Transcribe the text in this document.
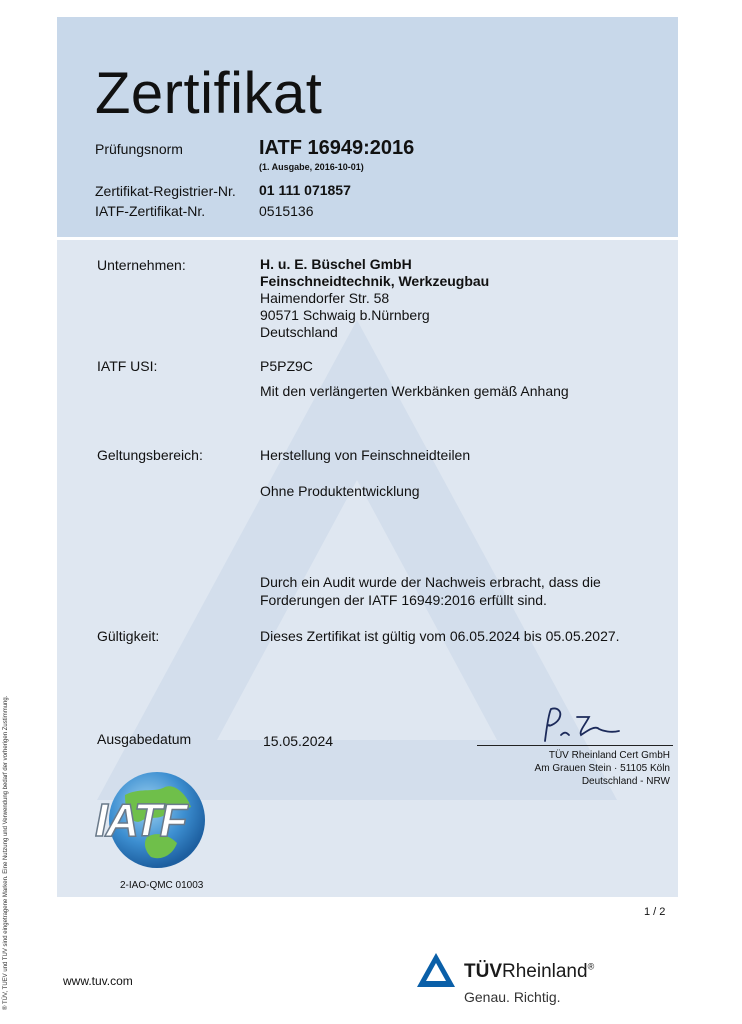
Zertifikat
Prüfungsnorm	IATF 16949:2016
(1. Ausgabe, 2016-10-01)
Zertifikat-Registrier-Nr. 01 111 071857
IATF-Zertifikat-Nr.	0515136
Unternehmen:	H. u. E. Büschel GmbH
Feinschneidtechnik, Werkzeugbau
Haimendorfer Str. 58
90571 Schwaig b.Nürnberg
Deutschland
IATF USI:	P5PZ9C
Mit den verlängerten Werkbänken gemäß Anhang
Geltungsbereich:	Herstellung von Feinschneidteilen
Ohne Produktentwicklung
Durch ein Audit wurde der Nachweis erbracht, dass die
Forderungen der IATF 16949:2016 erfüllt sind.
Gültigkeit:	Dieses Zertifikat ist gültig vom 06.05.2024 bis 05.05.2027.
Ausgabedatum	15.05.2024
TÜV Rheinland Cert GmbH
Am Grauen Stein · 51105 Köln
Deutschland - NRW
IATF
2-IAO-QMC 01003
1 / 2
www.tuv.com	TÜVRheinland®
Genau. Richtig.
® TÜV, TUEV und TUV sind eingetragene Marken. Eine Nutzung und Verwendung bedarf der vorherigen Zustimmung.
